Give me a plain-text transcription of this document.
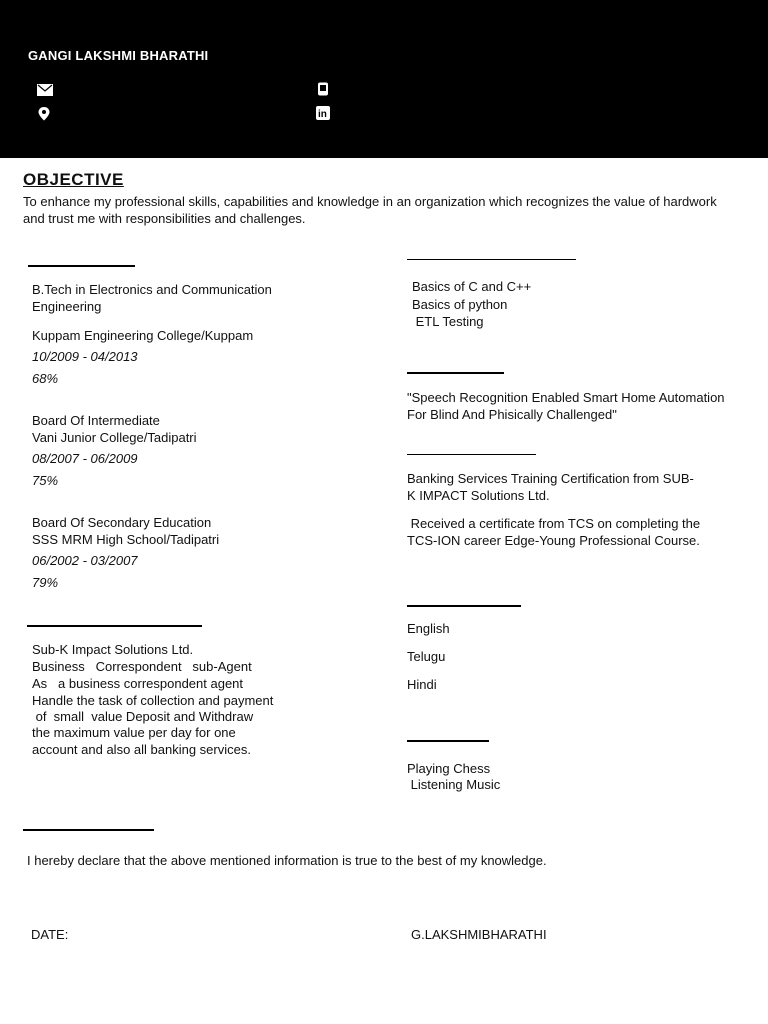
GANGI LAKSHMI BHARATHI
in
OBJECTIVE
To enhance my professional skills, capabilities and knowledge in an organization which recognizes the value of hardwork and trust me with responsibilities and challenges.
B.Tech in Electronics and Communication
Engineering
Kuppam Engineering College/Kuppam
10/2009 - 04/2013
68%
Board Of Intermediate
Vani Junior College/Tadipatri
08/2007 - 06/2009
75%
Board Of Secondary Education
SSS MRM High School/Tadipatri
06/2002 - 03/2007
79%
Sub-K Impact Solutions Ltd.
Business   Correspondent   sub-Agent
As   a business correspondent agent
Handle the task of collection and payment
of  small  value Deposit and Withdraw
the maximum value per day for one
account and also all banking services.
Basics of C and C++
Basics of python
ETL Testing
"Speech Recognition Enabled Smart Home Automation
For Blind And Phisically Challenged"
Banking Services Training Certification from SUB-
K IMPACT Solutions Ltd.
Received a certificate from TCS on completing the
TCS-ION career Edge-Young Professional Course.
English
Telugu
Hindi
Playing Chess
Listening Music
I hereby declare that the above mentioned information is true to the best of my knowledge.
DATE:	G.LAKSHMIBHARATHI
